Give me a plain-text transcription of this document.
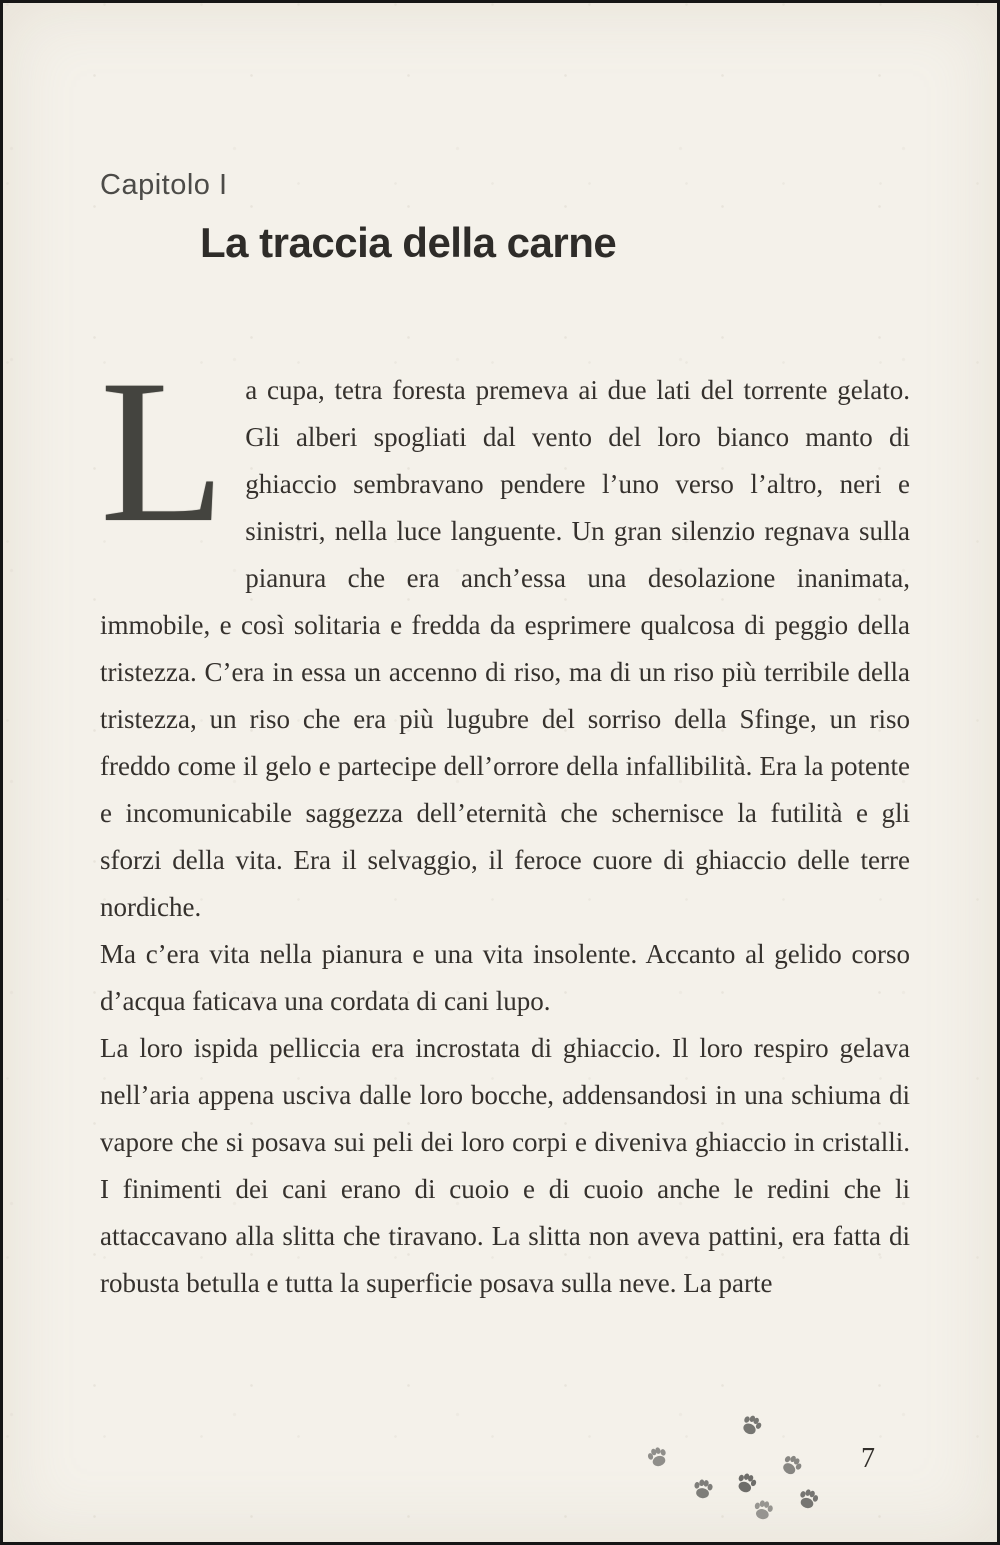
Capitolo I
La traccia della carne

La cupa, tetra foresta premeva ai due lati del torrente gelato. Gli alberi spogliati dal vento del loro bianco manto di ghiaccio sembravano pendere l’uno verso l’altro, neri e sinistri, nella luce languente. Un gran silenzio regnava sulla pianura che era anch’essa una desolazione inanimata, immobile, e così solitaria e fredda da esprimere qualcosa di peggio della tristezza. C’era in essa un accenno di riso, ma di un riso più terribile della tristezza, un riso che era più lugubre del sorriso della Sfinge, un riso freddo come il gelo e partecipe dell’orrore della infallibilità. Era la potente e incomunicabile saggezza dell’eternità che schernisce la futilità e gli sforzi della vita. Era il selvaggio, il feroce cuore di ghiaccio delle terre nordiche.

Ma c’era vita nella pianura e una vita insolente. Accanto al gelido corso d’acqua faticava una cordata di cani lupo.

La loro ispida pelliccia era incrostata di ghiaccio. Il loro respiro gelava nell’aria appena usciva dalle loro bocche, addensandosi in una schiuma di vapore che si posava sui peli dei loro corpi e diveniva ghiaccio in cristalli. I finimenti dei cani erano di cuoio e di cuoio anche le redini che li attaccavano alla slitta che tiravano. La slitta non aveva pattini, era fatta di robusta betulla e tutta la superficie posava sulla neve. La parte

7
